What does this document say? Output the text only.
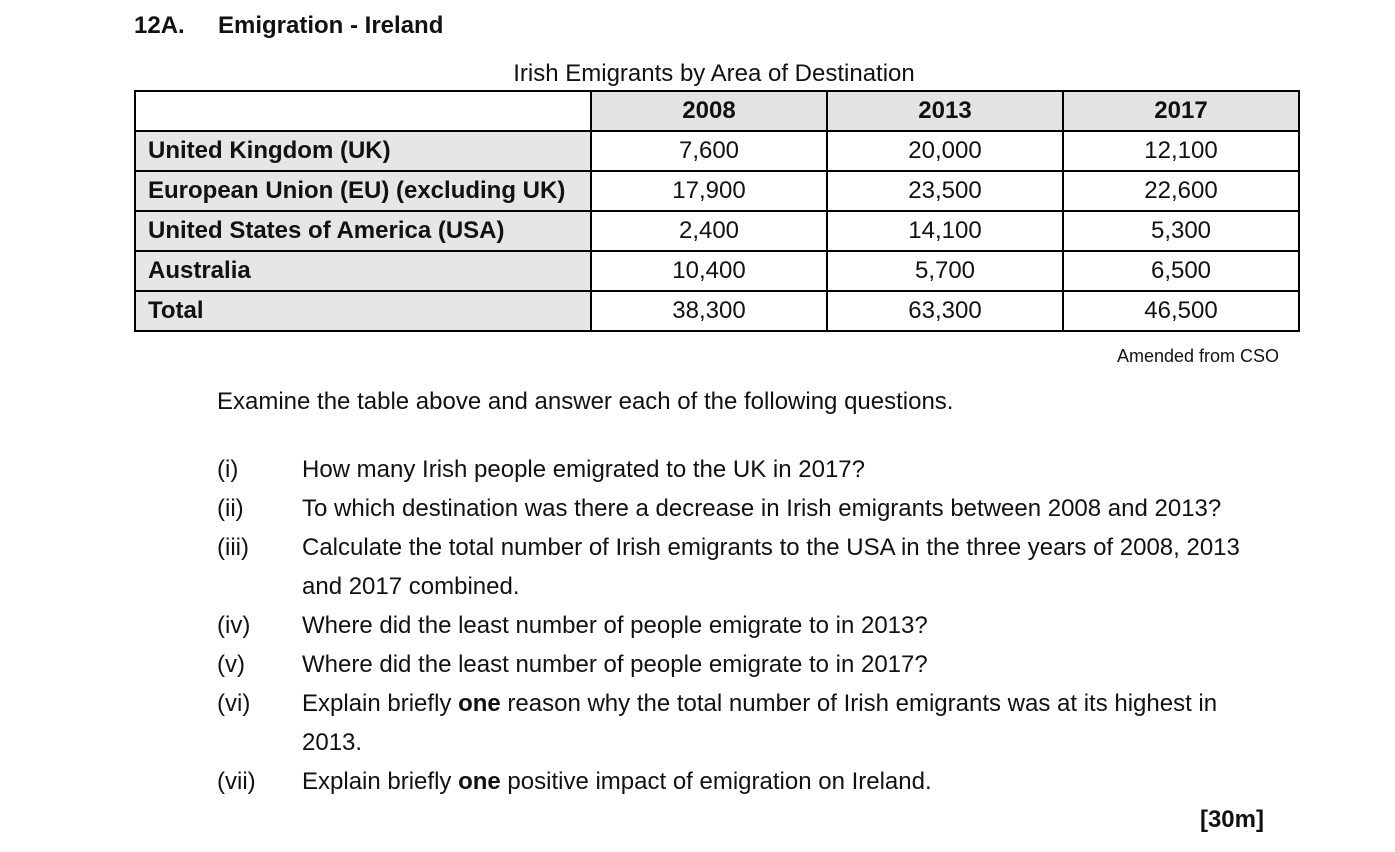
12A. Emigration - Ireland
Irish Emigrants by Area of Destination
	2008	2013	2017
United Kingdom (UK)	7,600	20,000	12,100
European Union (EU) (excluding UK)	17,900	23,500	22,600
United States of America (USA)	2,400	14,100	5,300
Australia	10,400	5,700	6,500
Total	38,300	63,300	46,500
Amended from CSO
Examine the table above and answer each of the following questions.
(i)	How many Irish people emigrated to the UK in 2017?
(ii)	To which destination was there a decrease in Irish emigrants between 2008 and 2013?
(iii)	Calculate the total number of Irish emigrants to the USA in the three years of 2008, 2013 and 2017 combined.
(iv)	Where did the least number of people emigrate to in 2013?
(v)	Where did the least number of people emigrate to in 2017?
(vi)	Explain briefly one reason why the total number of Irish emigrants was at its highest in 2013.
(vii)	Explain briefly one positive impact of emigration on Ireland.
[30m]
